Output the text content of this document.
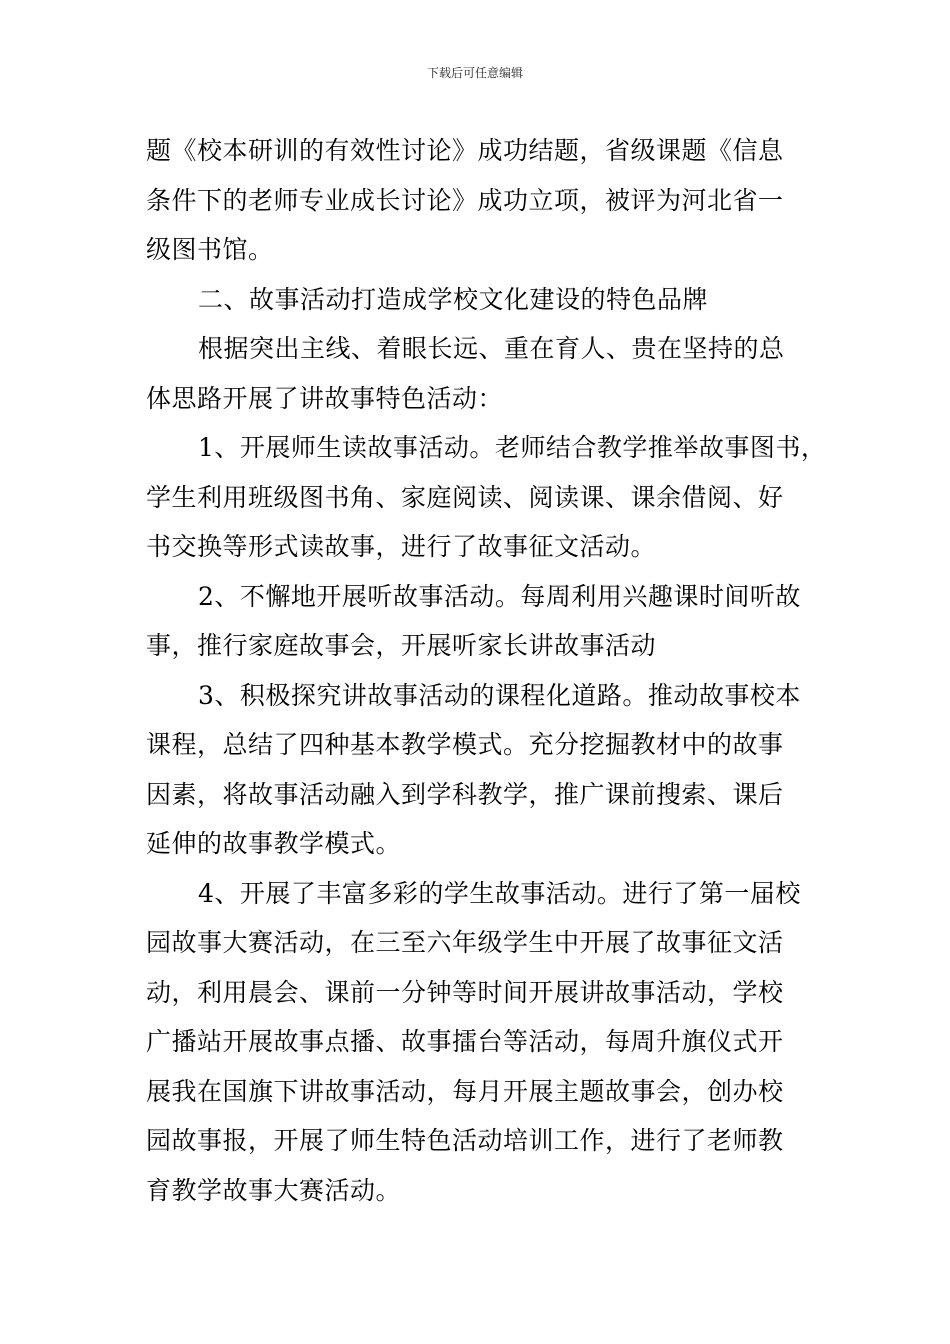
下载后可任意编辑
题《校本研训的有效性讨论》成功结题，省级课题《信息
条件下的老师专业成长讨论》成功立项，被评为河北省一
级图书馆。
二、故事活动打造成学校文化建设的特色品牌
根据突出主线、着眼长远、重在育人、贵在坚持的总
体思路开展了讲故事特色活动：
1、开展师生读故事活动。老师结合教学推举故事图书，
学生利用班级图书角、家庭阅读、阅读课、课余借阅、好
书交换等形式读故事，进行了故事征文活动。
2、不懈地开展听故事活动。每周利用兴趣课时间听故
事，推行家庭故事会，开展听家长讲故事活动
3、积极探究讲故事活动的课程化道路。推动故事校本
课程，总结了四种基本教学模式。充分挖掘教材中的故事
因素，将故事活动融入到学科教学，推广课前搜索、课后
延伸的故事教学模式。
4、开展了丰富多彩的学生故事活动。进行了第一届校
园故事大赛活动，在三至六年级学生中开展了故事征文活
动，利用晨会、课前一分钟等时间开展讲故事活动，学校
广播站开展故事点播、故事擂台等活动，每周升旗仪式开
展我在国旗下讲故事活动，每月开展主题故事会，创办校
园故事报，开展了师生特色活动培训工作，进行了老师教
育教学故事大赛活动。
